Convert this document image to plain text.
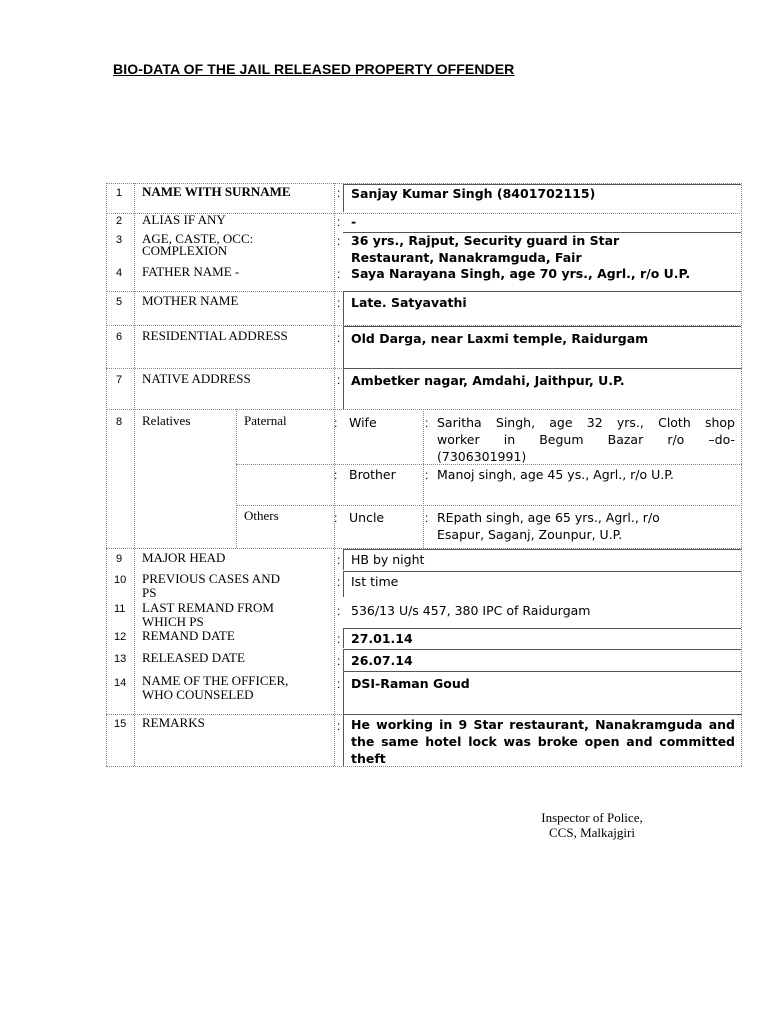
BIO-DATA OF THE JAIL RELEASED PROPERTY OFFENDER
1 NAME WITH SURNAME	: Sanjay Kumar Singh (8401702115)
2 ALIAS IF ANY	: -
3 AGE, CASTE, OCC: COMPLEXION
: 36 yrs., Rajput, Security guard in Star
Restaurant, Nanakramguda, Fair
4 FATHER NAME -	: Saya Narayana Singh, age 70 yrs., Agrl., r/o U.P.
5 MOTHER NAME	: Late. Satyavathi
6 RESIDENTIAL ADDRESS	: Old Darga, near Laxmi temple, Raidurgam
7 NATIVE ADDRESS	: Ambetker nagar, Amdahi, Jaithpur, U.P.
8 Relatives	Paternal	: Wife	: Saritha Singh, age 32 yrs., Cloth shop
worker in Begum Bazar r/o –do-
(7306301991)
: Brother : Manoj singh, age 45 ys., Agrl., r/o U.P.
Others	: Uncle	: REpath singh, age 65 yrs., Agrl., r/o
Esapur, Saganj, Zounpur, U.P.
9 MAJOR HEAD	: HB by night
10 PREVIOUS CASES AND
PS
: Ist time
11 LAST REMAND FROM
WHICH PS
: 536/13 U/s 457, 380 IPC of Raidurgam
12 REMAND DATE	: 27.01.14
13 RELEASED DATE	: 26.07.14
14 NAME OF THE OFFICER,
WHO COUNSELED
: DSI-Raman Goud
15 REMARKS	: He working in 9 Star restaurant, Nanakramguda and the same hotel lock was broke open and committed theft
Inspector of Police,
CCS, Malkajgiri
